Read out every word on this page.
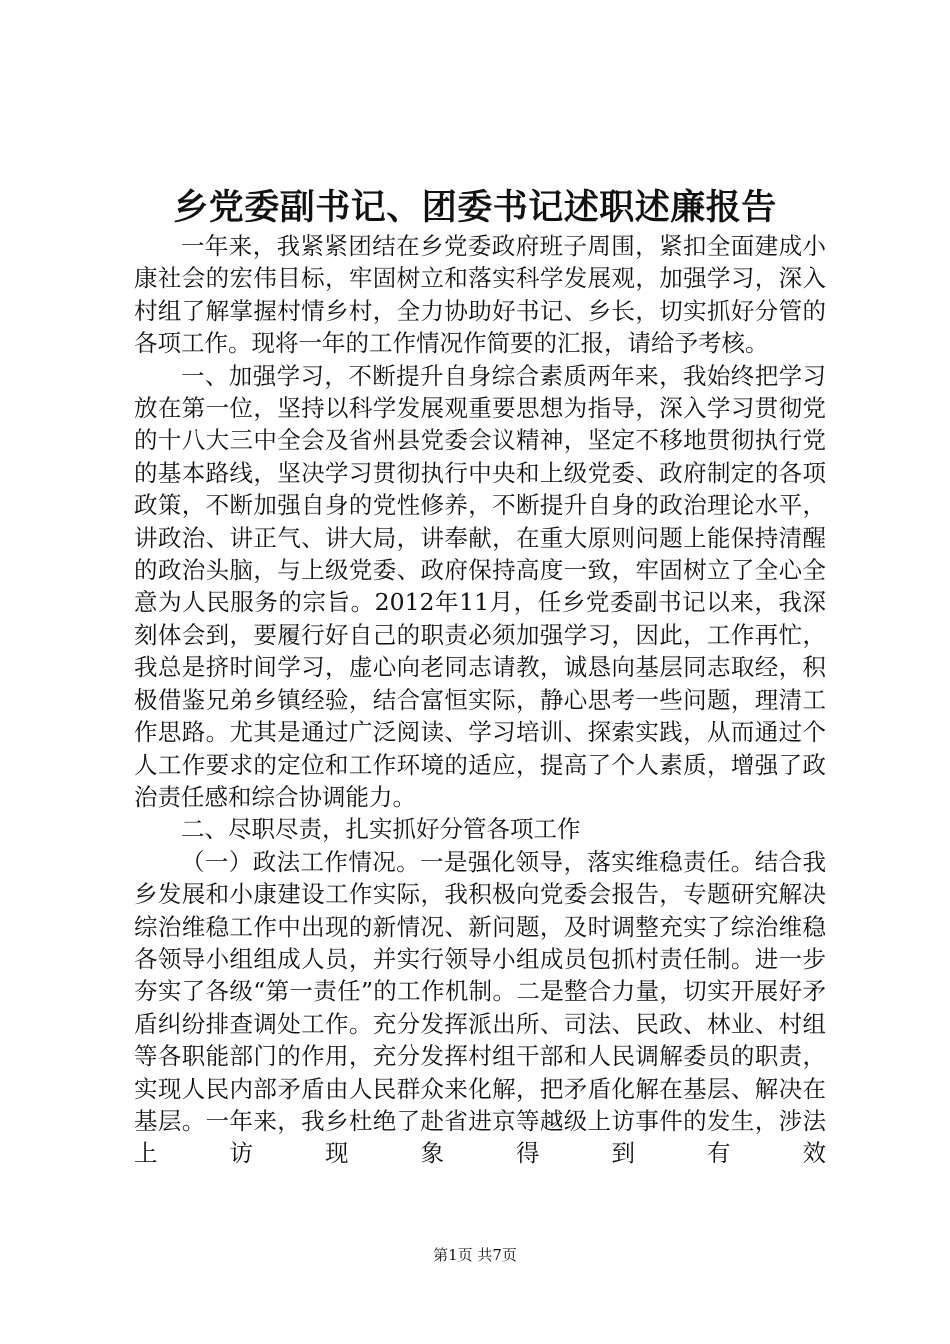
乡党委副书记、团委书记述职述廉报告

一年来，我紧紧团结在乡党委政府班子周围，紧扣全面建成小康社会的宏伟目标，牢固树立和落实科学发展观，加强学习，深入村组了解掌握村情乡村，全力协助好书记、乡长，切实抓好分管的各项工作。现将一年的工作情况作简要的汇报，请给予考核。

一、加强学习，不断提升自身综合素质两年来，我始终把学习放在第一位，坚持以科学发展观重要思想为指导，深入学习贯彻党的十八大三中全会及省州县党委会议精神，坚定不移地贯彻执行党的基本路线，坚决学习贯彻执行中央和上级党委、政府制定的各项政策，不断加强自身的党性修养，不断提升自身的政治理论水平，讲政治、讲正气、讲大局，讲奉献，在重大原则问题上能保持清醒的政治头脑，与上级党委、政府保持高度一致，牢固树立了全心全意为人民服务的宗旨。2012年11月，任乡党委副书记以来，我深刻体会到，要履行好自己的职责必须加强学习，因此，工作再忙，我总是挤时间学习，虚心向老同志请教，诚恳向基层同志取经，积极借鉴兄弟乡镇经验，结合富恒实际，静心思考一些问题，理清工作思路。尤其是通过广泛阅读、学习培训、探索实践，从而通过个人工作要求的定位和工作环境的适应，提高了个人素质，增强了政治责任感和综合协调能力。

二、尽职尽责，扎实抓好分管各项工作

（一）政法工作情况。一是强化领导，落实维稳责任。结合我乡发展和小康建设工作实际，我积极向党委会报告，专题研究解决综治维稳工作中出现的新情况、新问题，及时调整充实了综治维稳各领导小组组成人员，并实行领导小组成员包抓村责任制。进一步夯实了各级“第一责任”的工作机制。二是整合力量，切实开展好矛盾纠纷排查调处工作。充分发挥派出所、司法、民政、林业、村组等各职能部门的作用，充分发挥村组干部和人民调解委员的职责，实现人民内部矛盾由人民群众来化解，把矛盾化解在基层、解决在基层。一年来，我乡杜绝了赴省进京等越级上访事件的发生，涉法上访现象得到有效

第1页 共7页
